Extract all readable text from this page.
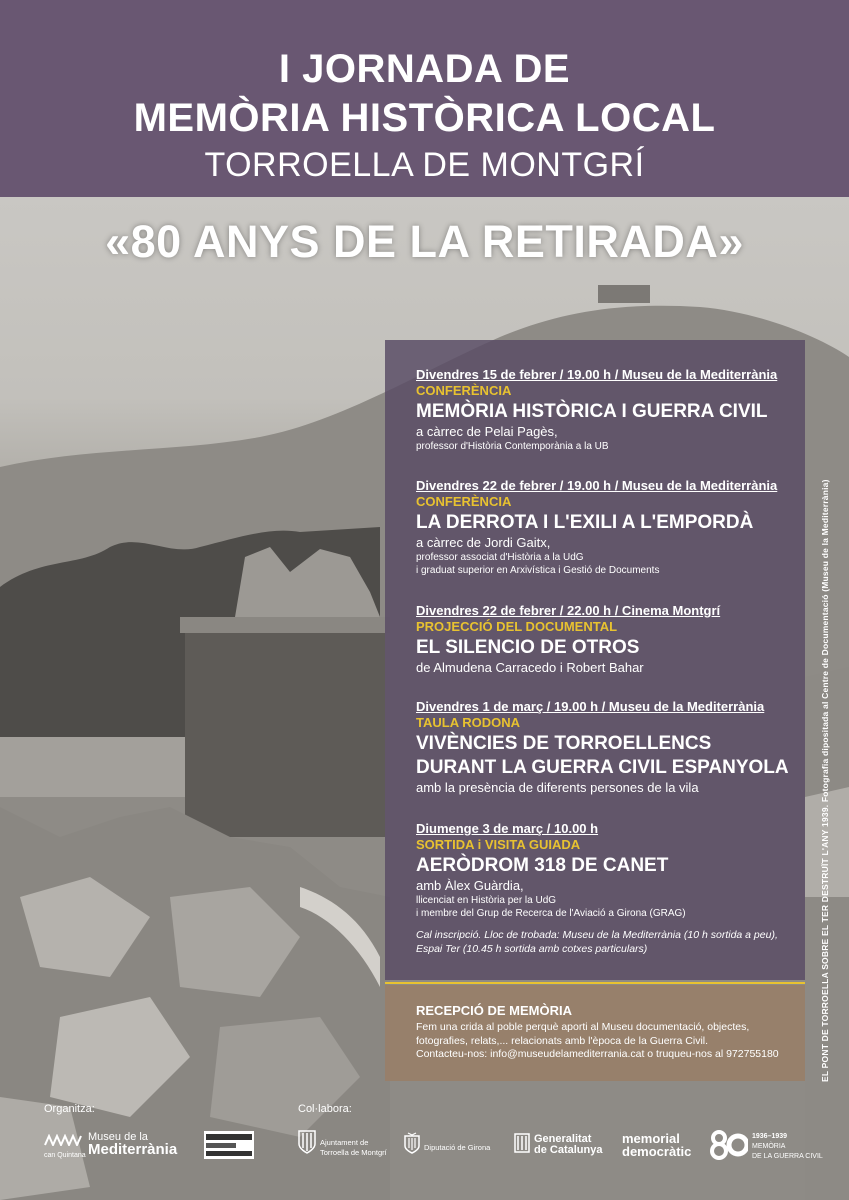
I JORNADA DE
MEMÒRIA HISTÒRICA LOCAL
TORROELLA DE MONTGRÍ
«80 ANYS DE LA RETIRADA»
Divendres 15 de febrer / 19.00 h / Museu de la Mediterrània
CONFERÈNCIA
MEMÒRIA HISTÒRICA I GUERRA CIVIL
a càrrec de Pelai Pagès,
professor d'Història Contemporània a la UB
Divendres 22 de febrer / 19.00 h / Museu de la Mediterrània
CONFERÈNCIA
LA DERROTA I L'EXILI A L'EMPORDÀ
a càrrec de Jordi Gaitx,
professor associat d'Història a la UdG
i graduat superior en Arxivística i Gestió de Documents
Divendres 22 de febrer / 22.00 h / Cinema Montgrí
PROJECCIÓ DEL DOCUMENTAL
EL SILENCIO DE OTROS
de Almudena Carracedo i Robert Bahar
Divendres 1 de març / 19.00 h / Museu de la Mediterrània
TAULA RODONA
VIVÈNCIES DE TORROELLENCS
DURANT LA GUERRA CIVIL ESPANYOLA
amb la presència de diferents persones de la vila
Diumenge 3 de març / 10.00 h
SORTIDA i VISITA GUIADA
AERÒDROM 318 DE CANET
amb Àlex Guàrdia,
llicenciat en Història per la UdG
i membre del Grup de Recerca de l'Aviació a Girona (GRAG)
Cal inscripció. Lloc de trobada: Museu de la Mediterrània (10 h sortida a peu),
Espai Ter (10.45 h sortida amb cotxes particulars)
RECEPCIÓ DE MEMÒRIA
Fem una crida al poble perquè aporti al Museu documentació, objectes,
fotografies, relats,... relacionats amb l'època de la Guerra Civil.
Contacteu-nos: info@museudelamediterrania.cat o truqueu-nos al 972755180	EL PONT DE TORROELLA SOBRE EL TER DESTRUÏT L'ANY 1939. Fotografia dipositada al Centre de Documentació (Museu de la Mediterrània)
Organitza:	Col·labora:
can Quintana
Museu de la
Mediterrània	Ajuntament de
Torroella de Montgrí
Diputació de Girona
Generalitat
de Catalunya
memorial
democràtic
1936–1939
MEMÒRIA
DE LA GUERRA CIVIL
